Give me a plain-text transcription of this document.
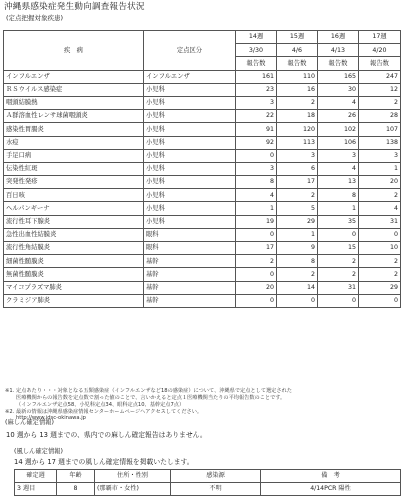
沖縄県感染症発生動向調査報告状況
(定点把握対象疾患)
疾　病	定点区分	14週	15週	16週	17週
		3/30	4/6	4/13	4/20
		報告数	報告数	報告数	報告数
インフルエンザ	インフルエンザ	161	110	165	247
ＲＳウイルス感染症	小児科	23	16	30	12
咽頭結膜熱	小児科	3	2	4	2
Ａ群溶血性レンサ球菌咽頭炎	小児科	22	18	26	28
感染性胃腸炎	小児科	91	120	102	107
水痘	小児科	92	113	106	138
手足口病	小児科	0	3	3	3
伝染性紅斑	小児科	3	6	4	1
突発性発疹	小児科	8	17	13	20
百日咳	小児科	4	2	8	2
ヘルパンギーナ	小児科	1	5	1	4
流行性耳下腺炎	小児科	19	29	35	31
急性出血性結膜炎	眼科	0	1	0	0
流行性角結膜炎	眼科	17	9	15	10
細菌性髄膜炎	基幹	2	8	2	2
無菌性髄膜炎	基幹	0	2	2	2
マイコプラズマ肺炎	基幹	20	14	31	29
クラミジア肺炎	基幹	0	0	0	0
※1. 定点あたり・・・対象となる五類感染症（インフルエンザなど18の感染症）について、沖縄県で定点として選定された
医療機関からの報告数を定点数で割った値のことで、言いかえると定点１医療機関当たりの平均報告数のことです。
（インフルエンザ定点58、小児科定点34、眼科定点10、基幹定点7点）
※2. 最新の情報は沖縄県感染症情報センターホームページへアクセスしてください。
http://www.idsc-okinawa.jp
(麻しん確定情報)
10 週から 13 週までの、県内での麻しん確定報告はありません。
(風しん確定情報)
14 週から 17 週までの風しん確定情報を掲載いたします。
確定週	年齢	住所・性別	感染源	備　考
3 週目	8	(那覇市・女性)	不明	4/14PCR 陽性
